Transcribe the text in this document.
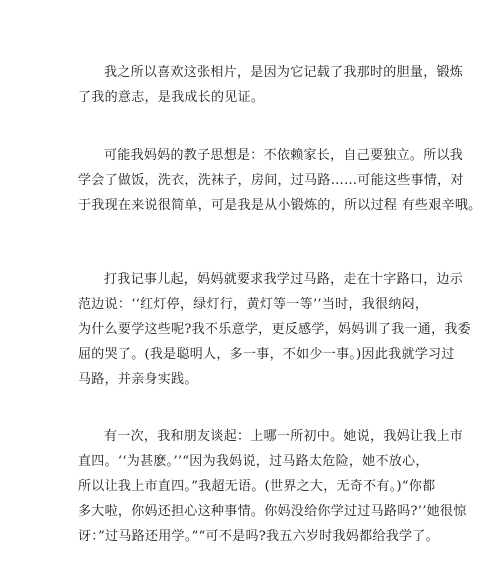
我之所以喜欢这张相片，是因为它记载了我那时的胆量，锻炼
了我的意志，是我成长的见证。

可能我妈妈的教子思想是：不依赖家长，自己要独立。所以我
学会了做饭，洗衣，洗袜子，房间，过马路……可能这些事情，对
于我现在来说很简单，可是我是从小锻炼的，所以过程 有些艰辛哦。

打我记事儿起，妈妈就要求我学过马路，走在十字路口，边示
范边说：‘‘红灯停，绿灯行，黄灯等一等’’当时，我很纳闷，
为什么要学这些呢?我不乐意学，更反感学，妈妈训了我一通，我委
屈的哭了。(我是聪明人，多一事，不如少一事。)因此我就学习过
马路，并亲身实践。

有一次，我和朋友谈起：上哪一所初中。她说，我妈让我上市
直四。‘‘为甚麽。’’“因为我妈说，过马路太危险，她不放心，
所以让我上市直四。”我超无语。(世界之大，无奇不有。)“你都
多大啦，你妈还担心这种事情。你妈没给你学过过马路吗?’’她很惊
讶：”过马路还用学。”“可不是吗?我五六岁时我妈都给我学了。
